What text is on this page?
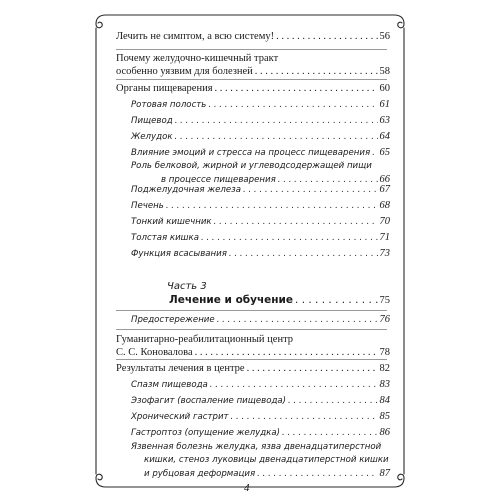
Лечить не симптом, а всю систему! . . .	56
Почему желудочно-кишечный тракт
особенно уязвим для болезней . . .	58
Органы пищеварения . . .	60
Ротовая полость . . .	61
Пищевод . . .	63
Желудок . . .	64
Влияние эмоций и стресса на процесс пищеварения . . . 65
Роль белковой, жирной и углеводсодержащей пищи
в процессе пищеварения . . .	66
Поджелудочная железа . . .	67
Печень . . .	68
Тонкий кишечник . . .	70
Толстая кишка . . .	71
Функция всасывания . . .	73
Часть 3
Лечение и обучение . . .	75
Предостережение . . .	76
Гуманитарно-реабилитационный центр
С. С. Коновалова . . .	78
Результаты лечения в центре . . .	82
Спазм пищевода . . .	83
Эзофагит (воспаление пищевода) . . .	84
Хронический гастрит . . .	85
Гастроптоз (опущение желудка) . . .	86
Язвенная болезнь желудка, язва двенадцатиперстной
кишки, стеноз луковицы двенадцатиперстной кишки
и рубцовая деформация . . .	87
4
